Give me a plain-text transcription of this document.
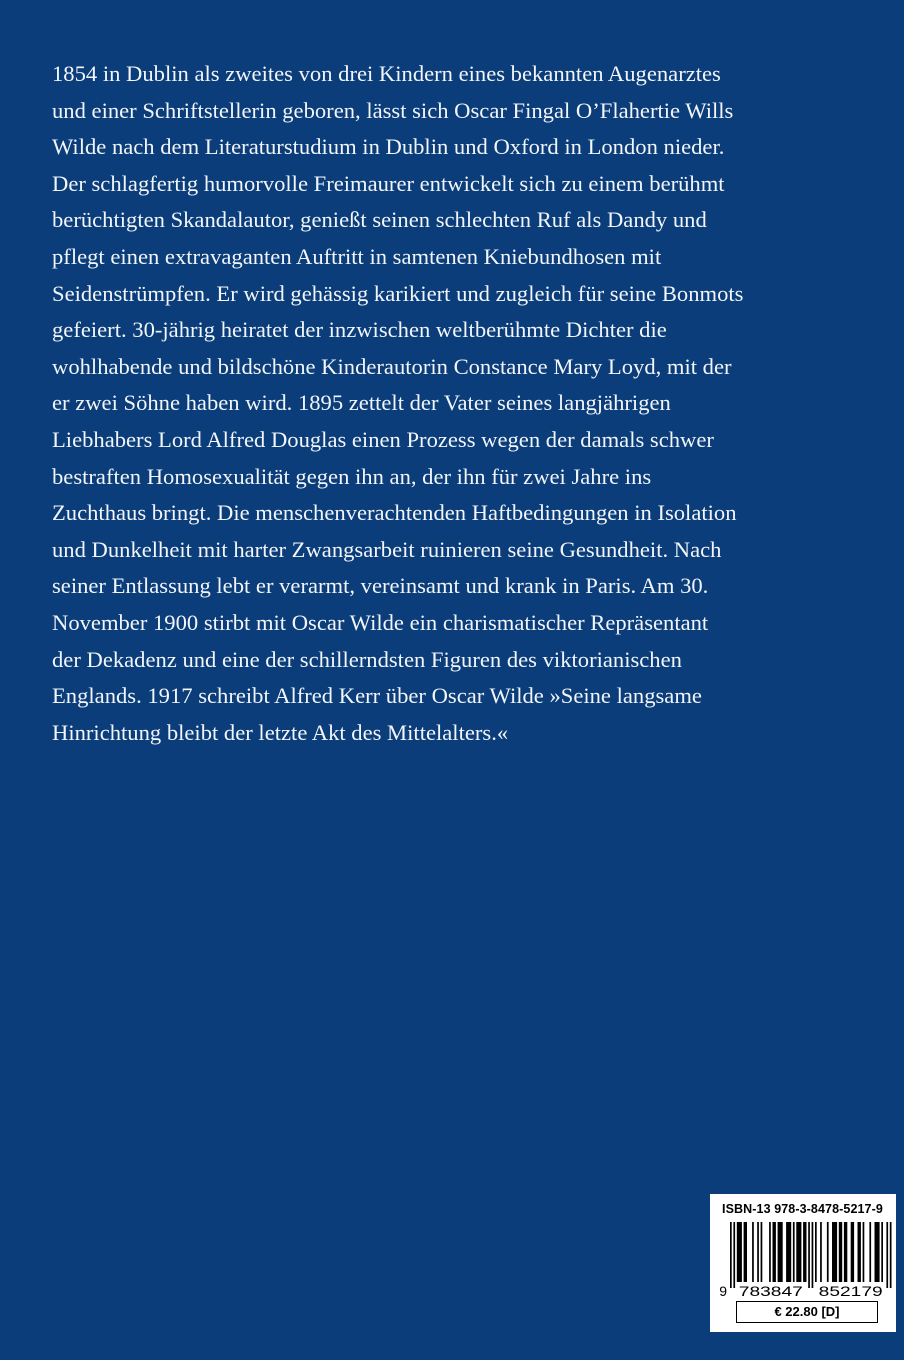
1854 in Dublin als zweites von drei Kindern eines bekannten Augenarztes
und einer Schriftstellerin geboren, lässt sich Oscar Fingal O’Flahertie Wills
Wilde nach dem Literaturstudium in Dublin und Oxford in London nieder.
Der schlagfertig humorvolle Freimaurer entwickelt sich zu einem berühmt
berüchtigten Skandalautor, genießt seinen schlechten Ruf als Dandy und
pflegt einen extravaganten Auftritt in samtenen Kniebundhosen mit
Seidenstrümpfen. Er wird gehässig karikiert und zugleich für seine Bonmots
gefeiert. 30-jährig heiratet der inzwischen weltberühmte Dichter die
wohlhabende und bildschöne Kinderautorin Constance Mary Loyd, mit der
er zwei Söhne haben wird. 1895 zettelt der Vater seines langjährigen
Liebhabers Lord Alfred Douglas einen Prozess wegen der damals schwer
bestraften Homosexualität gegen ihn an, der ihn für zwei Jahre ins
Zuchthaus bringt. Die menschenverachtenden Haftbedingungen in Isolation
und Dunkelheit mit harter Zwangsarbeit ruinieren seine Gesundheit. Nach
seiner Entlassung lebt er verarmt, vereinsamt und krank in Paris. Am 30.
November 1900 stirbt mit Oscar Wilde ein charismatischer Repräsentant
der Dekadenz und eine der schillerndsten Figuren des viktorianischen
Englands. 1917 schreibt Alfred Kerr über Oscar Wilde »Seine langsame
Hinrichtung bleibt der letzte Akt des Mittelalters.«
ISBN-13 978-3-8478-5217-9
9 783847 852179
€ 22.80 [D]
